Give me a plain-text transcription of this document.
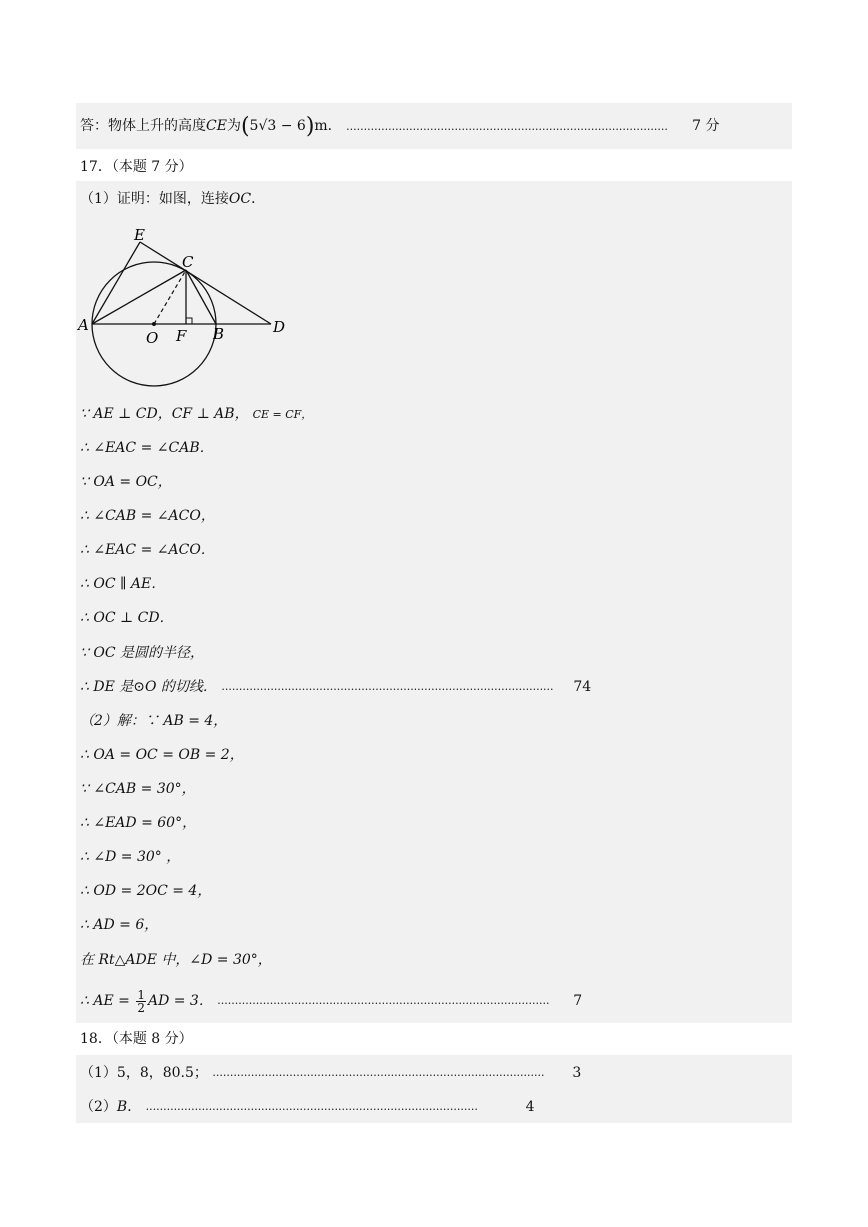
答：物体上升的高度CE为(5√3 − 6)m． ............................................................................................ 7 分
17．（本题 7 分）
（1）证明：如图，连接OC．
E
C
A
O F B	D
∵ AE ⊥ CD，CF ⊥ AB， CE = CF，
∴ ∠EAC = ∠CAB．
∵ OA = OC，
∴ ∠CAB = ∠ACO，
∴ ∠EAC = ∠ACO．
∴ OC ∥ AE．
∴ OC ⊥ CD．
∵ OC 是圆的半径，
∴ DE 是⊙O 的切线． ............................................................................................... 74
（2）解：∵ AB = 4，
∴ OA = OC = OB = 2，
∵ ∠CAB = 30°，
∴ ∠EAD = 60°，
∴ ∠D = 30° ，
∴ OD = 2OC = 4，
∴ AD = 6，
在 Rt△ADE 中，∠D = 30°，
∴ AE = $\frac{1}{2}$ AD = 3． ............................................................................................... 7
18．（本题 8 分）
（1）5，8，80.5； ............................................................................................... 3
（2）B． ...............................................................................................	4
